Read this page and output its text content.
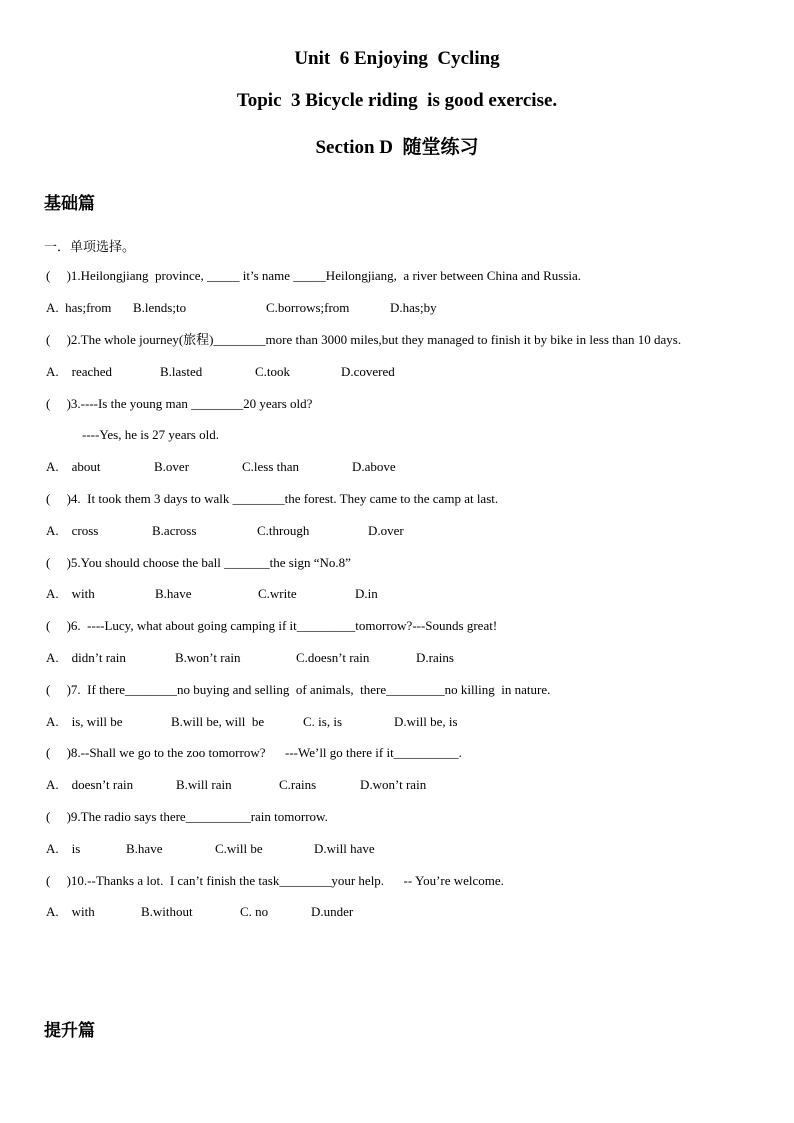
Unit  6 Enjoying  Cycling
Topic  3 Bicycle riding  is good exercise.
Section D  随堂练习
基础篇
一．单项选择。
(     )1.Heilongjiang  province, _____ it’s name _____Heilongjiang,  a river between China and Russia.
A.  has;from B.lends;to	C.borrows;from	D.has;by
(     )2.The whole journey(旅程)________more than 3000 miles,but they managed to finish it by bike in less than 10 days.
A.    reached	B.lasted	C.took	D.covered
(     )3.----Is the young man ________20 years old?
----Yes, he is 27 years old.
A.    about	B.over	C.less than	D.above
(     )4.  It took them 3 days to walk ________the forest. They came to the camp at last.
A.    cross	B.across	C.through	D.over
(     )5.You should choose the ball _______the sign “No.8”
A.    with	B.have	C.write	D.in
(     )6.  ----Lucy, what about going camping if it_________tomorrow?---Sounds great!
A.    didn’t rain	B.won’t rain	C.doesn’t rain	D.rains
(     )7.  If there________no buying and selling  of animals,  there_________no killing  in nature.
A.    is, will be	B.will be, will  be	C. is, is	D.will be, is
(     )8.--Shall we go to the zoo tomorrow?      ---We’ll go there if it__________.
A.    doesn’t rain	B.will rain	C.rains	D.won’t rain
(     )9.The radio says there__________rain tomorrow.
A.    is	B.have	C.will be	D.will have
(     )10.--Thanks a lot.  I can’t finish the task________your help.      -- You’re welcome.
A.    with	B.without	C. no	D.under
提升篇
